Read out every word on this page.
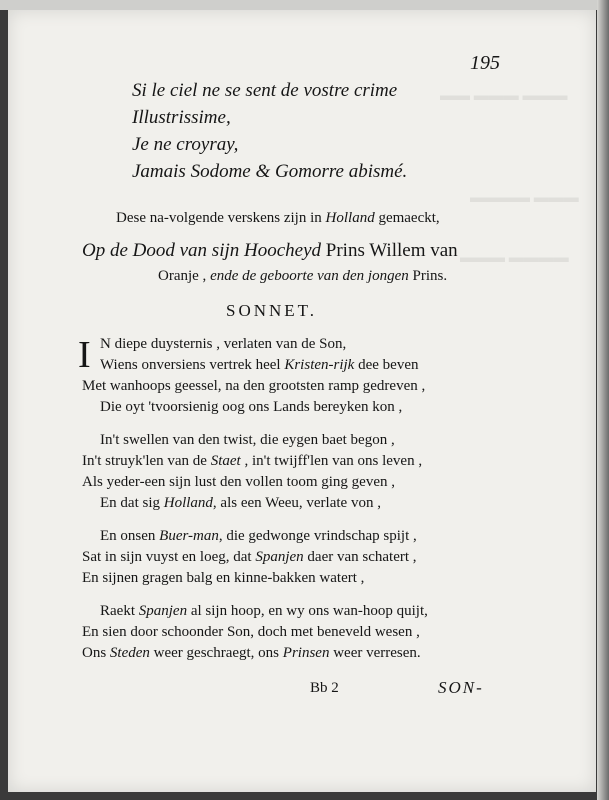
▬▬ ▬▬▬ ▬▬▬
▬▬▬▬ ▬▬▬
▬▬▬ ▬▬▬▬
195
Si le ciel ne se sent de vostre crime
Illustrissime,
Je ne croyray,
Jamais Sodome & Gomorre abismé.
Dese na-volgende verskens zijn in Holland gemaeckt,
Op de Dood van sijn Hoocheyd Prins Willem van
Oranje , ende de geboorte van den jongen Prins.
SONNET.
I N diepe duysternis , verlaten van de Son,
Wiens onversiens vertrek heel Kristen-rijk dee beven
Met wanhoops geessel, na den grootsten ramp gedreven ,
Die oyt 'tvoorsienig oog ons Lands bereyken kon ,
In't swellen van den twist, die eygen baet begon ,
In't struyk'len van de Staet , in't twijff'len van ons leven ,
Als yeder-een sijn lust den vollen toom ging geven ,
En dat sig Holland, als een Weeu, verlate von ,
En onsen Buer-man, die gedwongе vrindschap spijt ,
Sat in sijn vuyst en loeg, dat Spanjen daer van schatert ,
En sijnen gragen balg en kinne-bakken watert ,
Raekt Spanjen al sijn hoop, en wy ons wan-hoop quijt,
En sien door schoonder Son, doch met beneveld wesen ,
Ons Steden weer geschraegt, ons Prinsen weer verresen.
Bb 2	SON-
